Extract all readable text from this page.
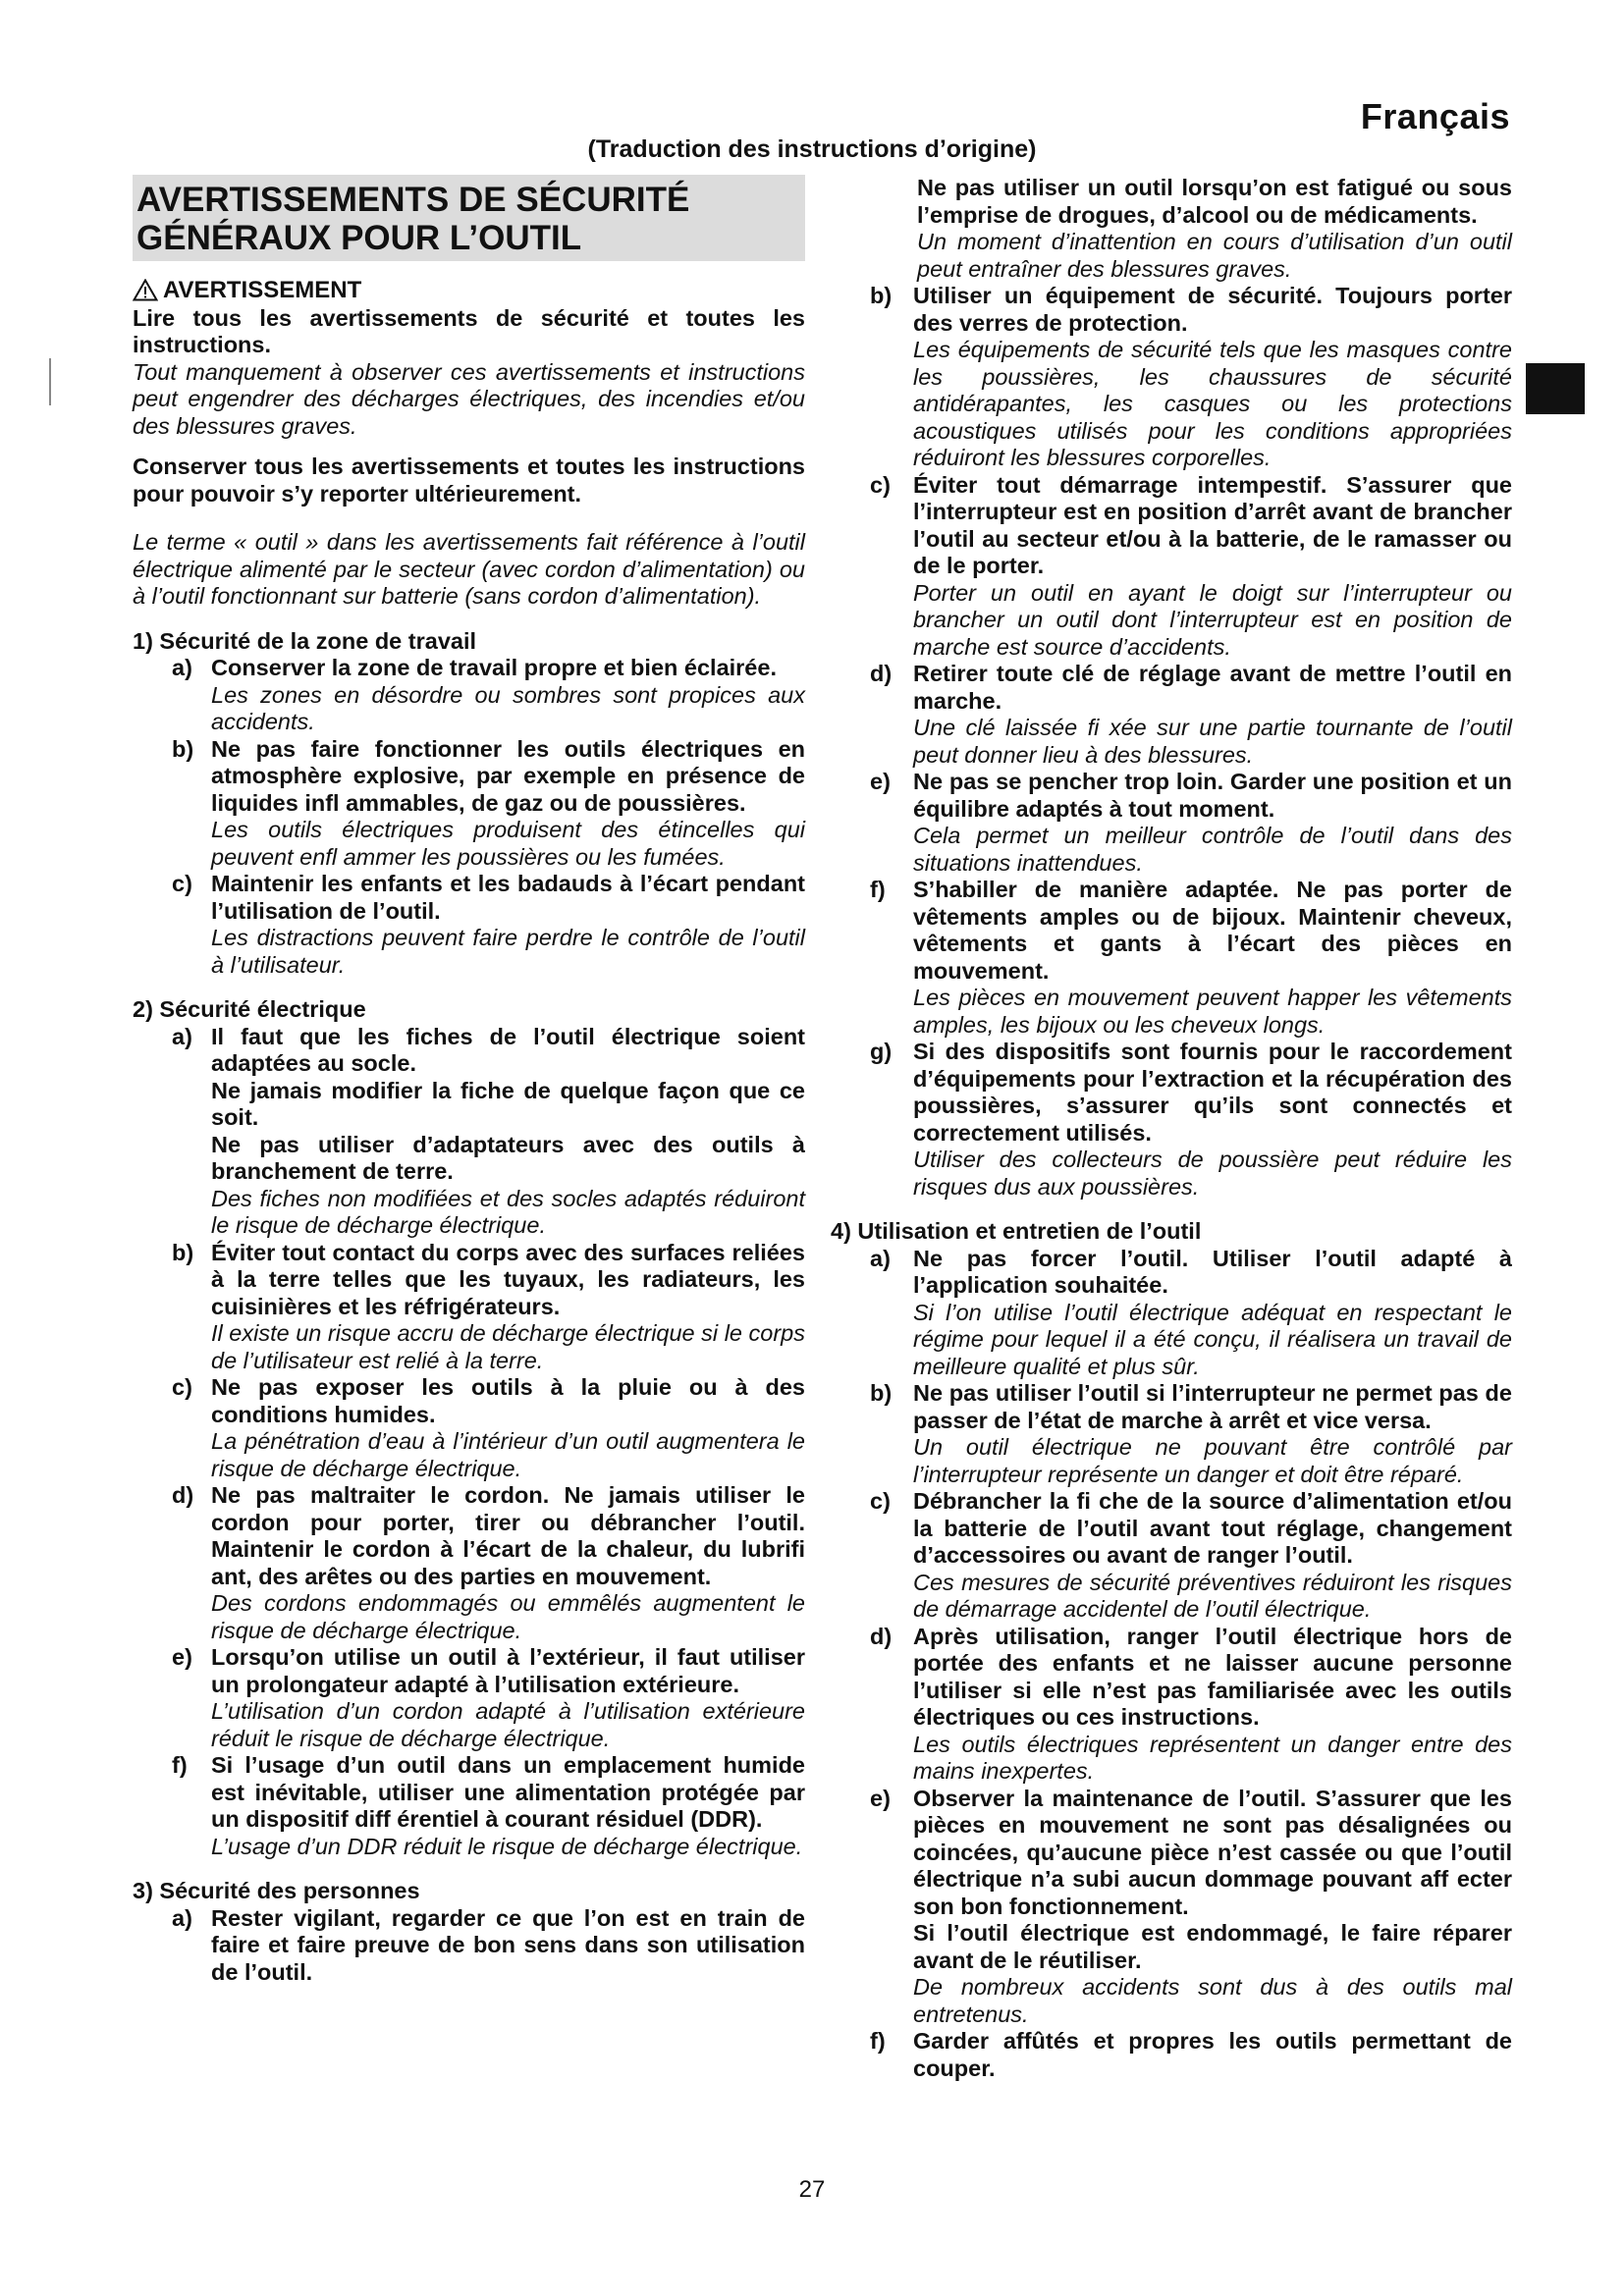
Français
(Traduction des instructions d’origine)
AVERTISSEMENTS DE SÉCURITÉ GÉNÉRAUX POUR L’OUTIL
AVERTISSEMENT

Lire tous les avertissements de sécurité et toutes les instructions.

Tout manquement à observer ces avertissements et instructions peut engendrer des décharges électriques, des incendies et/ou des blessures graves.

Conserver tous les avertissements et toutes les instructions pour pouvoir s’y reporter ultérieurement.

Le terme « outil » dans les avertissements fait référence à l’outil électrique alimenté par le secteur (avec cordon d’alimentation) ou à l’outil fonctionnant sur batterie (sans cordon d’alimentation).

1) Sécurité de la zone de travail

a) Conserver la zone de travail propre et bien éclairée.

Les zones en désordre ou sombres sont propices aux accidents.

b) Ne pas faire fonctionner les outils électriques en atmosphère explosive, par exemple en présence de liquides infl ammables, de gaz ou de poussières.

Les outils électriques produisent des étincelles qui peuvent enfl ammer les poussières ou les fumées.

c) Maintenir les enfants et les badauds à l’écart pendant l’utilisation de l’outil.

Les distractions peuvent faire perdre le contrôle de l’outil à l’utilisateur.

2) Sécurité électrique

a) Il faut que les fiches de l’outil électrique soient adaptées au socle.

Ne jamais modifier la fiche de quelque façon que ce soit.

Ne pas utiliser d’adaptateurs avec des outils à branchement de terre.

Des fiches non modifiées et des socles adaptés réduiront le risque de décharge électrique.

b) Éviter tout contact du corps avec des surfaces reliées à la terre telles que les tuyaux, les radiateurs, les cuisinières et les réfrigérateurs.

Il existe un risque accru de décharge électrique si le corps de l’utilisateur est relié à la terre.

c) Ne pas exposer les outils à la pluie ou à des conditions humides.

La pénétration d’eau à l’intérieur d’un outil augmentera le risque de décharge électrique.

d) Ne pas maltraiter le cordon. Ne jamais utiliser le cordon pour porter, tirer ou débrancher l’outil. Maintenir le cordon à l’écart de la chaleur, du lubrifi ant, des arêtes ou des parties en mouvement.

Des cordons endommagés ou emmêlés augmentent le risque de décharge électrique.

e) Lorsqu’on utilise un outil à l’extérieur, il faut utiliser un prolongateur adapté à l’utilisation extérieure.

L’utilisation d’un cordon adapté à l’utilisation extérieure réduit le risque de décharge électrique.

f)	Si l’usage d’un outil dans un emplacement humide est inévitable, utiliser une alimentation protégée par un dispositif diff érentiel à courant résiduel (DDR).

L’usage d’un DDR réduit le risque de décharge électrique.

3) Sécurité des personnes

a) Rester vigilant, regarder ce que l’on est en train de faire et faire preuve de bon sens dans son utilisation de l’outil.

Ne pas utiliser un outil lorsqu’on est fatigué ou sous l’emprise de drogues, d’alcool ou de médicaments.

Un moment d’inattention en cours d’utilisation d’un outil peut entraîner des blessures graves.

b) Utiliser un équipement de sécurité. Toujours porter des verres de protection.

Les équipements de sécurité tels que les masques contre les poussières, les chaussures de sécurité antidérapantes, les casques ou les protections acoustiques utilisés pour les conditions appropriées réduiront les blessures corporelles.

c) Éviter tout démarrage intempestif. S’assurer que l’interrupteur est en position d’arrêt avant de brancher l’outil au secteur et/ou à la batterie, de le ramasser ou de le porter.

Porter un outil en ayant le doigt sur l’interrupteur ou brancher un outil dont l’interrupteur est en position de marche est source d’accidents.

d) Retirer toute clé de réglage avant de mettre l’outil en marche.

Une clé laissée fi xée sur une partie tournante de l’outil peut donner lieu à des blessures.

e) Ne pas se pencher trop loin. Garder une position et un équilibre adaptés à tout moment.

Cela permet un meilleur contrôle de l’outil dans des situations inattendues.

f)	S’habiller de manière adaptée. Ne pas porter de vêtements amples ou de bijoux. Maintenir cheveux, vêtements et gants à l’écart des pièces en mouvement.

Les pièces en mouvement peuvent happer les vêtements amples, les bijoux ou les cheveux longs.

g) Si des dispositifs sont fournis pour le raccordement d’équipements pour l’extraction et la récupération des poussières, s’assurer qu’ils sont connectés et correctement utilisés.

Utiliser des collecteurs de poussière peut réduire les risques dus aux poussières.

4) Utilisation et entretien de l’outil

a) Ne pas forcer l’outil. Utiliser l’outil adapté à l’application souhaitée.

Si l’on utilise l’outil électrique adéquat en respectant le régime pour lequel il a été conçu, il réalisera un travail de meilleure qualité et plus sûr.

b) Ne pas utiliser l’outil si l’interrupteur ne permet pas de passer de l’état de marche à arrêt et vice versa.

Un outil électrique ne pouvant être contrôlé par l’interrupteur représente un danger et doit être réparé.

c) Débrancher la fi che de la source d’alimentation et/ou la batterie de l’outil avant tout réglage, changement d’accessoires ou avant de ranger l’outil.

Ces mesures de sécurité préventives réduiront les risques de démarrage accidentel de l’outil électrique.

d) Après utilisation, ranger l’outil électrique hors de portée des enfants et ne laisser aucune personne l’utiliser si elle n’est pas familiarisée avec les outils électriques ou ces instructions.

Les outils électriques représentent un danger entre des mains inexpertes.

e) Observer la maintenance de l’outil. S’assurer que les pièces en mouvement ne sont pas désalignées ou coincées, qu’aucune pièce n’est cassée ou que l’outil électrique n’a subi aucun dommage pouvant aff ecter son bon fonctionnement.

Si l’outil électrique est endommagé, le faire réparer avant de le réutiliser.

De nombreux accidents sont dus à des outils mal entretenus.

f)	Garder affûtés et propres les outils permettant de couper.

27
